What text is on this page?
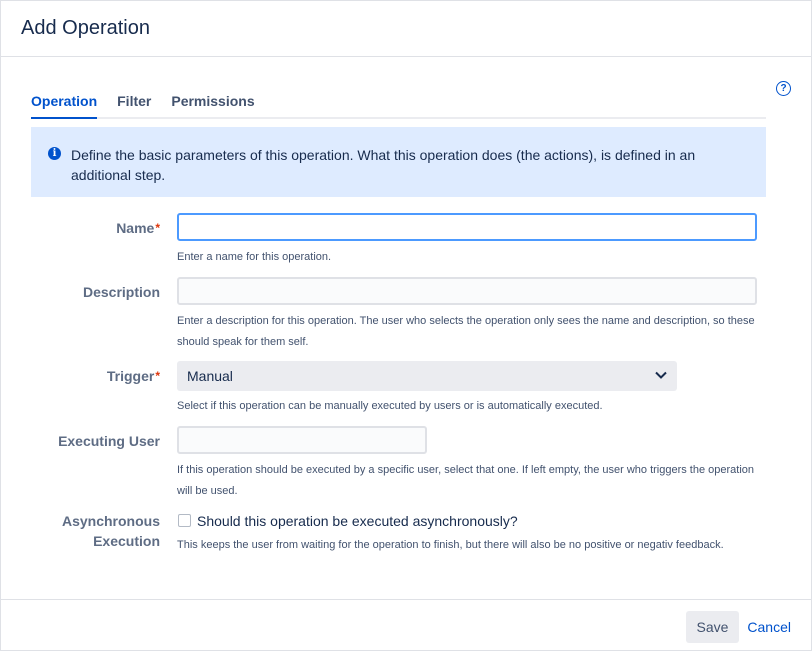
Add Operation
?
Operation Filter Permissions
i	Define the basic parameters of this operation. What this operation does (the actions), is defined in an additional step.
Name*
Enter a name for this operation.
Description
Enter a description for this operation. The user who selects the operation only sees the name and description, so these should speak for them self.
Trigger*	Manual
Select if this operation can be manually executed by users or is automatically executed.
Executing User
If this operation should be executed by a specific user, select that one. If left empty, the user who triggers the operation will be used.
Asynchronous
Execution
Should this operation be executed asynchronously?
This keeps the user from waiting for the operation to finish, but there will also be no positive or negativ feedback.
Save	Cancel
